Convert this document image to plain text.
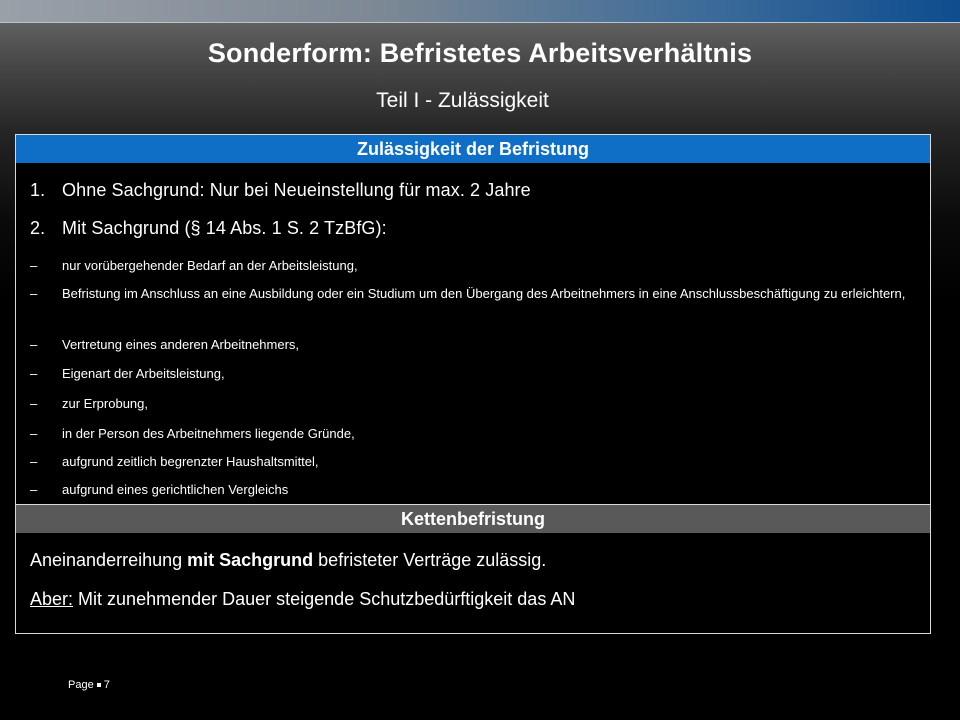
Sonderform: Befristetes Arbeitsverhältnis
Teil I - Zulässigkeit
Zulässigkeit der Befristung
1. Ohne Sachgrund: Nur bei Neueinstellung für max. 2 Jahre
2. Mit Sachgrund (§ 14 Abs. 1 S. 2 TzBfG):
–	nur vorübergehender Bedarf an der Arbeitsleistung,
–	Befristung im Anschluss an eine Ausbildung oder ein Studium um den Übergang des Arbeitnehmers in eine Anschlussbeschäftigung zu erleichtern,
–	Vertretung eines anderen Arbeitnehmers,
–	Eigenart der Arbeitsleistung,
–	zur Erprobung,
–	in der Person des Arbeitnehmers liegende Gründe,
–	aufgrund zeitlich begrenzter Haushaltsmittel,
–	aufgrund eines gerichtlichen Vergleichs
Kettenbefristung
Aneinanderreihung mit Sachgrund befristeter Verträge zulässig.
Aber: Mit zunehmender Dauer steigende Schutzbedürftigkeit das AN
Page 7
